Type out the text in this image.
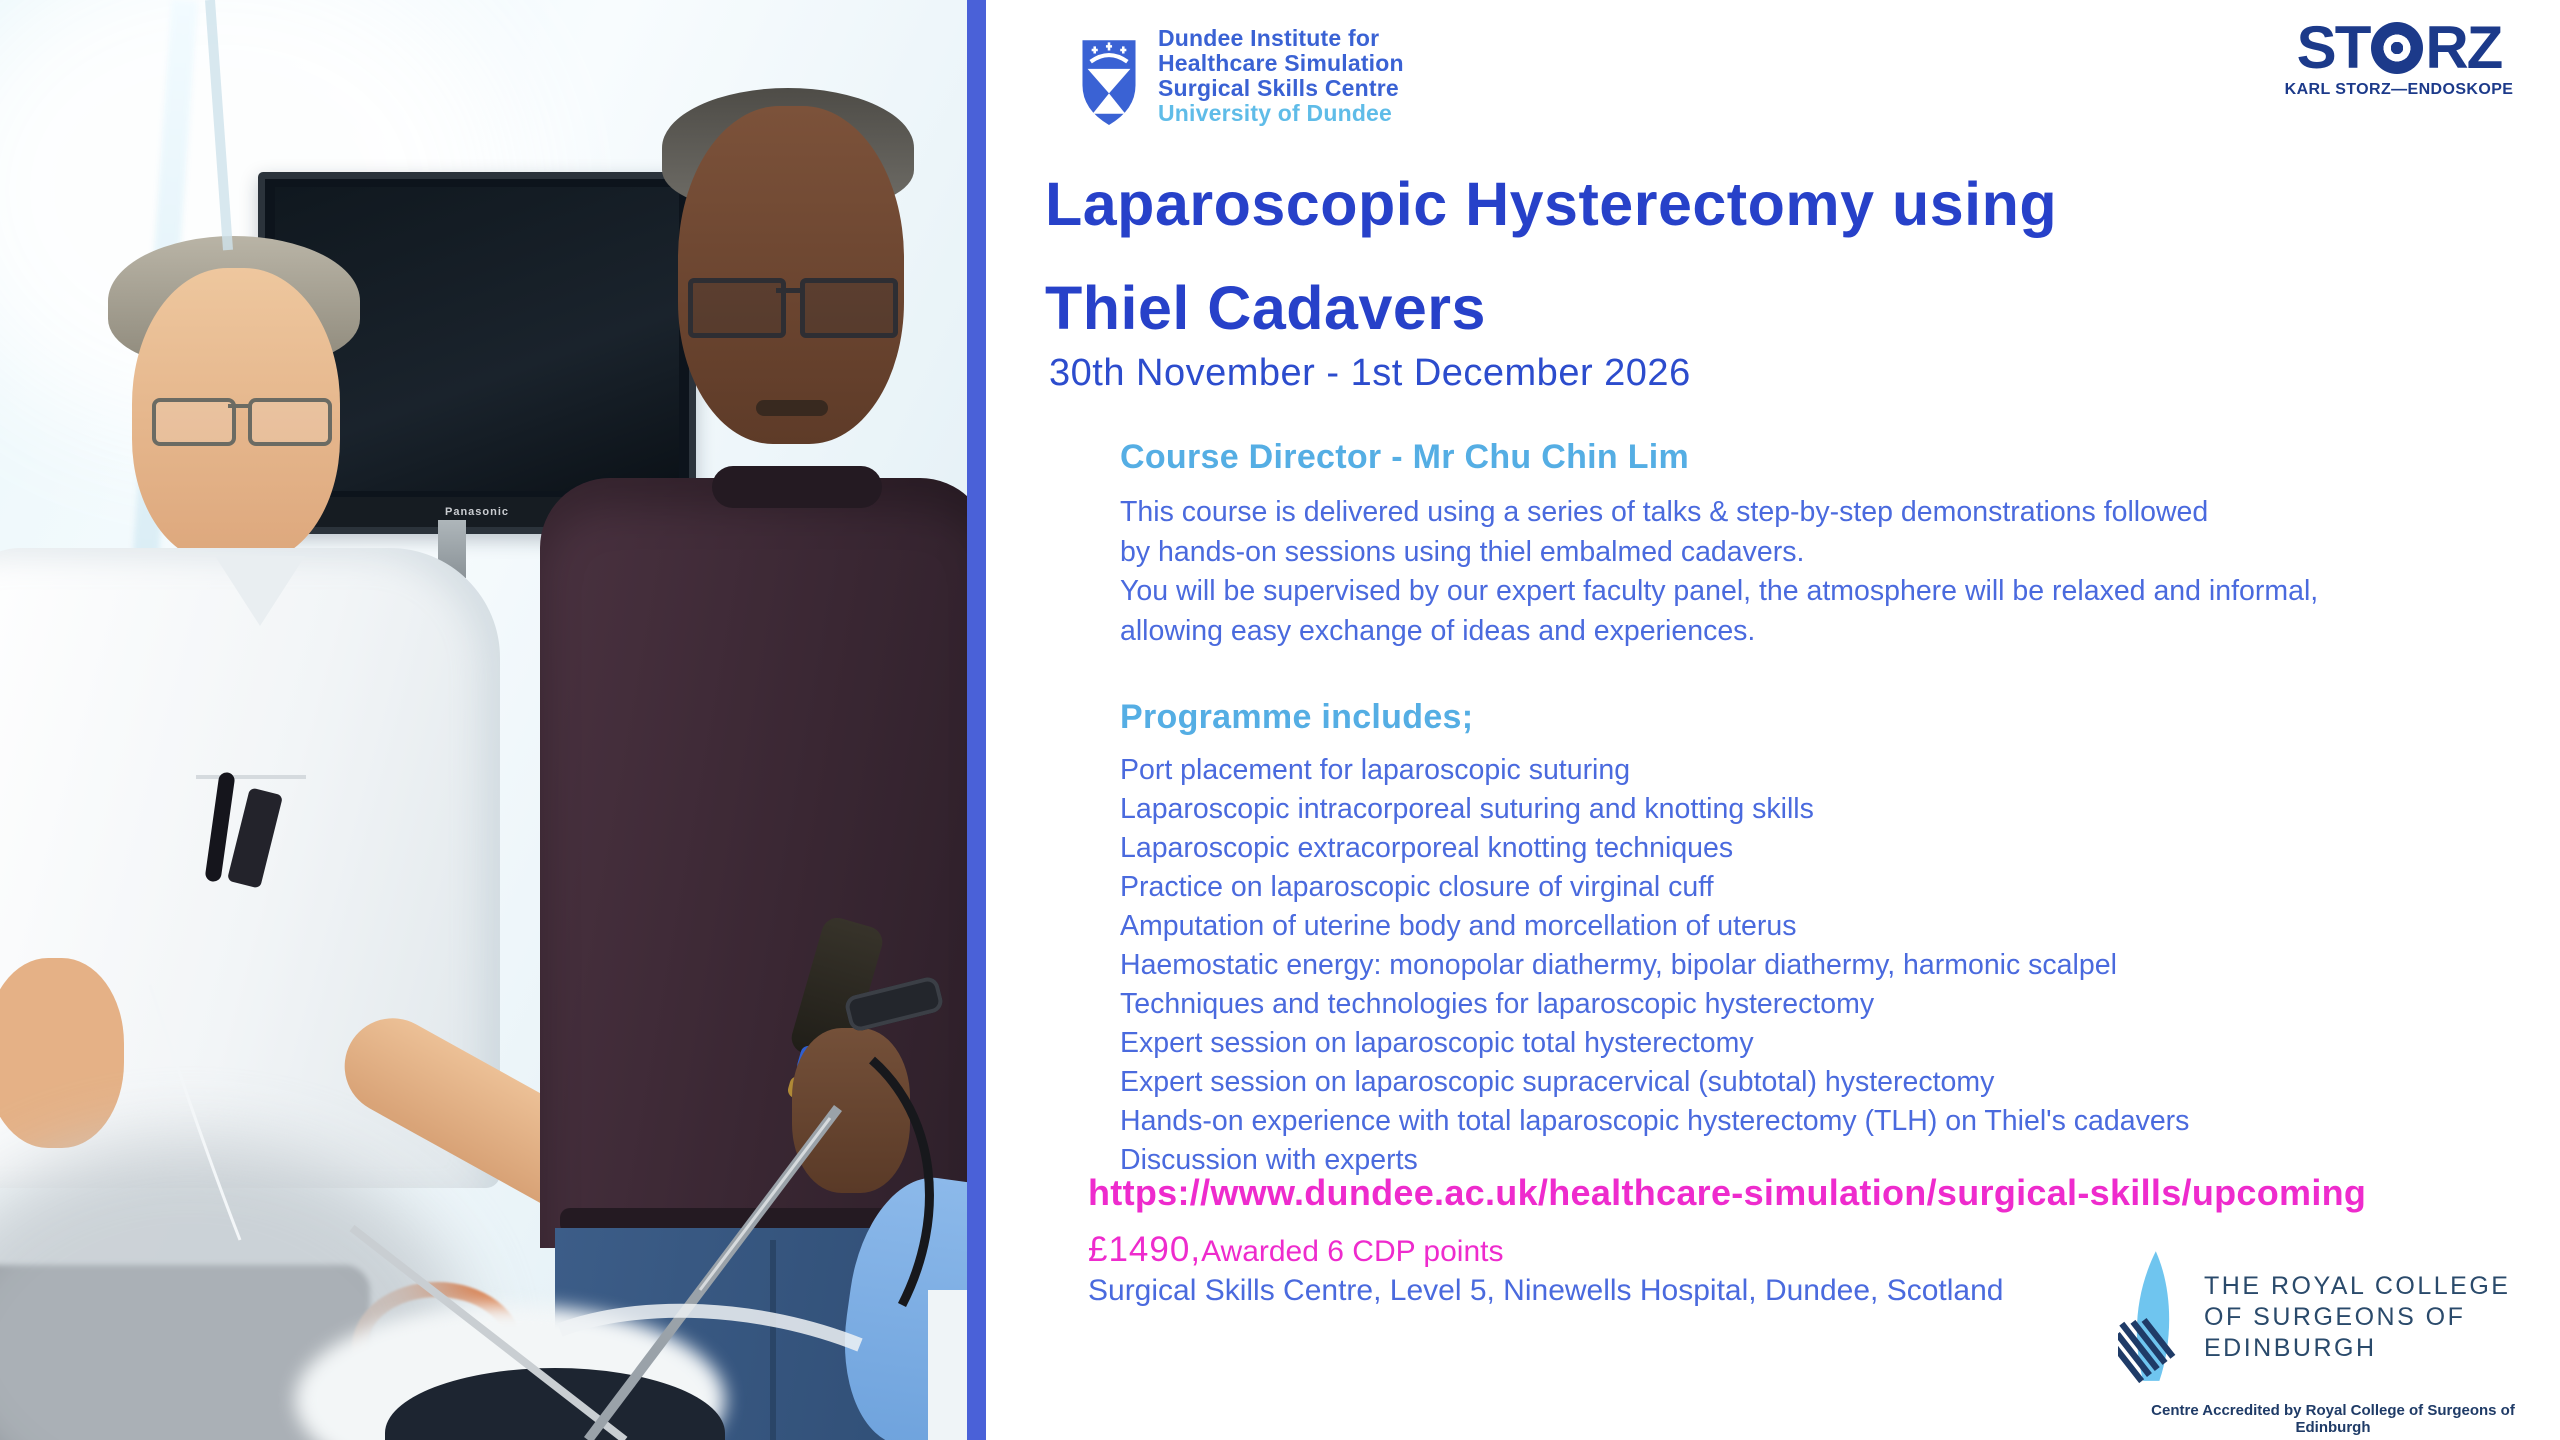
Panasonic
Dundee Institute for
Healthcare Simulation
Surgical Skills Centre
University of Dundee
ST RZ
KARL STORZ—ENDOSKOPE
Laparoscopic Hysterectomy using
Thiel Cadavers
30th November - 1st December 2026
Course Director - Mr Chu Chin Lim
This course is delivered using a series of talks & step-by-step demonstrations followed
by hands-on sessions using thiel embalmed cadavers.
You will be supervised by our expert faculty panel, the atmosphere will be relaxed and informal,
allowing easy exchange of ideas and experiences.
Programme includes;
Port placement for laparoscopic suturing
Laparoscopic intracorporeal suturing and knotting skills
Laparoscopic extracorporeal knotting techniques
Practice on laparoscopic closure of virginal cuff
Amputation of uterine body and morcellation of uterus
Haemostatic energy: monopolar diathermy, bipolar diathermy, harmonic scalpel
Techniques and technologies for laparoscopic hysterectomy
Expert session on laparoscopic total hysterectomy
Expert session on laparoscopic supracervical (subtotal) hysterectomy
Hands-on experience with total laparoscopic hysterectomy (TLH) on Thiel's cadavers
Discussion with experts
https://www.dundee.ac.uk/healthcare-simulation/surgical-skills/upcoming
£1490,Awarded 6 CDP points
Surgical Skills Centre, Level 5, Ninewells Hospital, Dundee, Scotland	THE ROYAL COLLEGE
OF SURGEONS OF
EDINBURGH
Centre Accredited by Royal College of Surgeons of Edinburgh
